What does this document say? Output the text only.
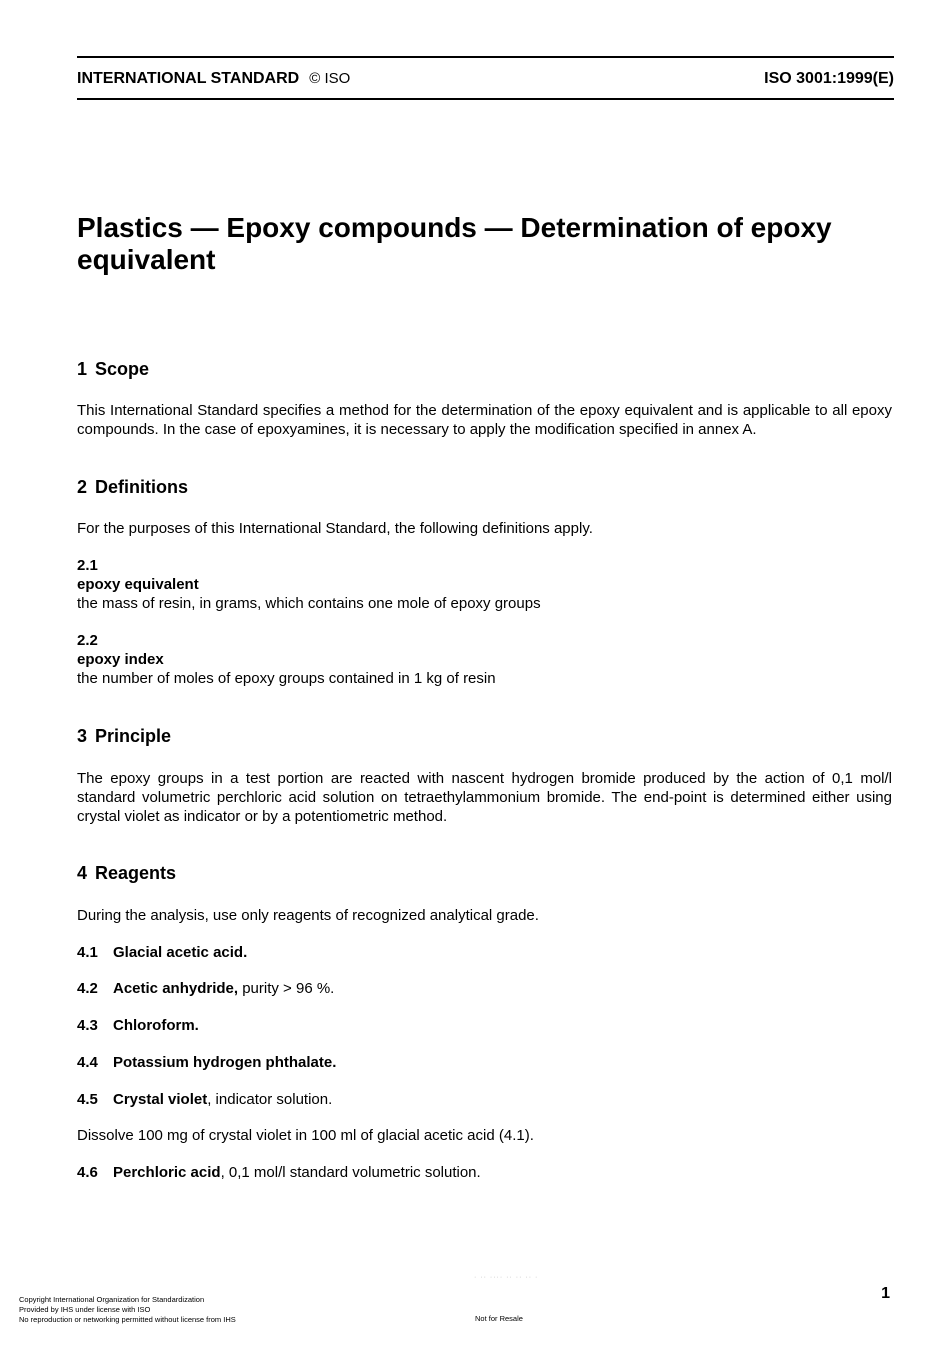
INTERNATIONAL STANDARD © ISO	ISO 3001:1999(E)
Plastics — Epoxy compounds — Determination of epoxy equivalent
1 Scope

This International Standard specifies a method for the determination of the epoxy equivalent and is applicable to all epoxy compounds. In the case of epoxyamines, it is necessary to apply the modification specified in annex A.

2 Definitions

For the purposes of this International Standard, the following definitions apply.

2.1
epoxy equivalent
the mass of resin, in grams, which contains one mole of epoxy groups
2.2
epoxy index
the number of moles of epoxy groups contained in 1 kg of resin
3 Principle

The epoxy groups in a test portion are reacted with nascent hydrogen bromide produced by the action of 0,1 mol/l standard volumetric perchloric acid solution on tetraethylammonium bromide. The end-point is determined either using crystal violet as indicator or by a potentiometric method.

4 Reagents

During the analysis, use only reagents of recognized analytical grade.

4.1 Glacial acetic acid.
4.2 Acetic anhydride, purity > 96 %.
4.3 Chloroform.
4.4 Potassium hydrogen phthalate.
4.5 Crystal violet, indicator solution.

Dissolve 100 mg of crystal violet in 100 ml of glacial acetic acid (4.1).

4.6 Perchloric acid, 0,1 mol/l standard volumetric solution.
· ·· ···· ·· ·· ·· ·
Copyright International Organization for Standardization
Provided by IHS under license with ISO
No reproduction or networking permitted without license from IHS	Not for Resale
1
